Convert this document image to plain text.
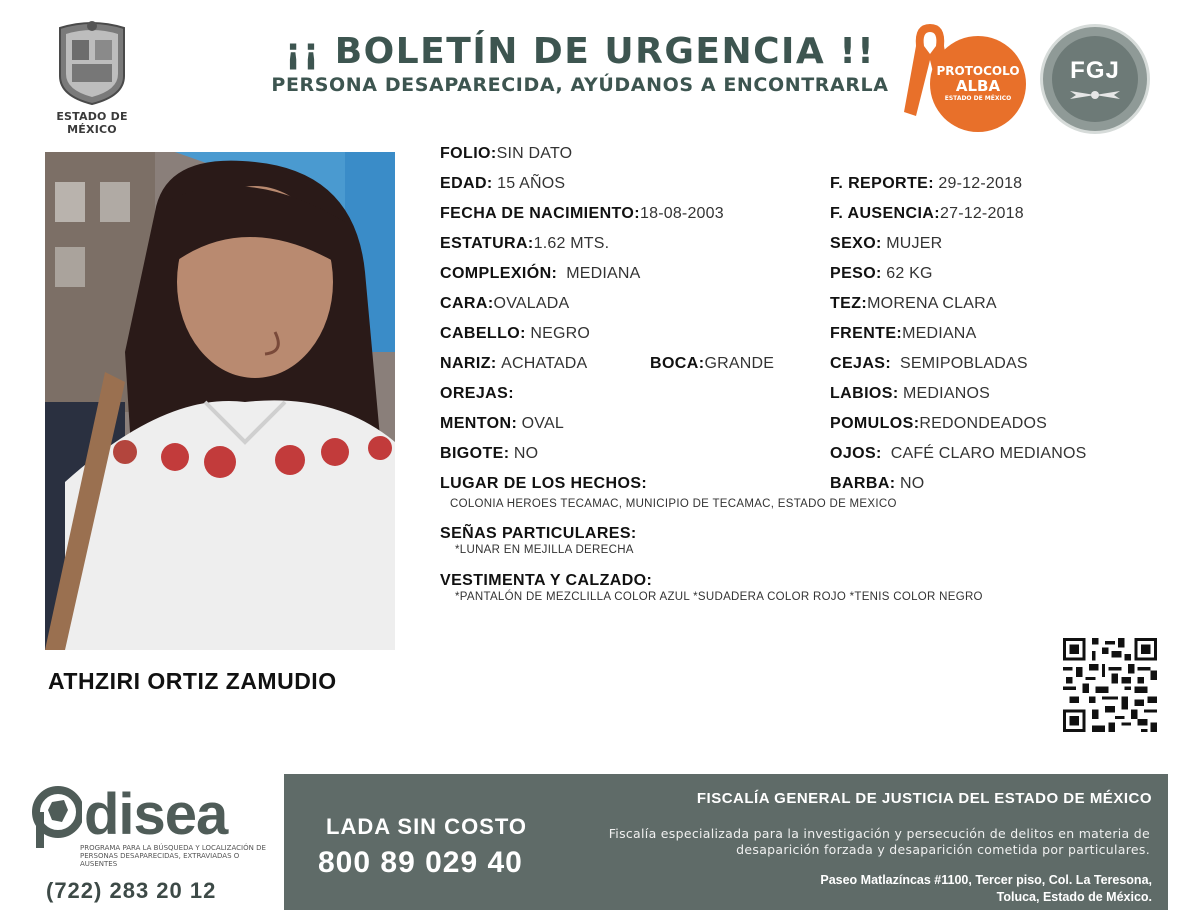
ESTADO DE MÉXICO
¡¡ BOLETÍN DE URGENCIA !!
PERSONA DESAPARECIDA, AYÚDANOS A ENCONTRARLA
PROTOCOLO
ALBA
ESTADO DE MÉXICO
FGJ
ATHZIRI ORTIZ ZAMUDIO
FOLIO:SIN DATO
EDAD: 15 AÑOS
FECHA DE NACIMIENTO:18-08-2003
ESTATURA:1.62 MTS.
COMPLEXIÓN: MEDIANA
CARA:OVALADA
CABELLO: NEGRO
NARIZ: ACHATADA	BOCA:GRANDE
OREJAS:
MENTON: OVAL
BIGOTE: NO
LUGAR DE LOS HECHOS:
COLONIA HEROES TECAMAC, MUNICIPIO DE TECAMAC, ESTADO DE MEXICO
F. REPORTE: 29-12-2018
F. AUSENCIA:27-12-2018
SEXO: MUJER
PESO: 62 KG
TEZ:MORENA CLARA
FRENTE:MEDIANA
CEJAS: SEMIPOBLADAS
LABIOS: MEDIANOS
POMULOS:REDONDEADOS
OJOS: CAFÉ CLARO MEDIANOS
BARBA: NO
SEÑAS PARTICULARES:
*LUNAR EN MEJILLA DERECHA
VESTIMENTA Y CALZADO:
*PANTALÓN DE MEZCLILLA COLOR AZUL *SUDADERA COLOR ROJO *TENIS COLOR NEGRO
disea
PROGRAMA PARA LA BÚSQUEDA Y LOCALIZACIÓN DE PERSONAS DESAPARECIDAS, EXTRAVIADAS O AUSENTES
(722) 283 20 12
LADA SIN COSTO
800 89 029 40
FISCALÍA GENERAL DE JUSTICIA DEL ESTADO DE MÉXICO
Fiscalía especializada para la investigación y persecución de delitos en materia de desaparición forzada y desaparición cometida por particulares.
Paseo Matlazíncas #1100, Tercer piso, Col. La Teresona,
Toluca, Estado de México.
